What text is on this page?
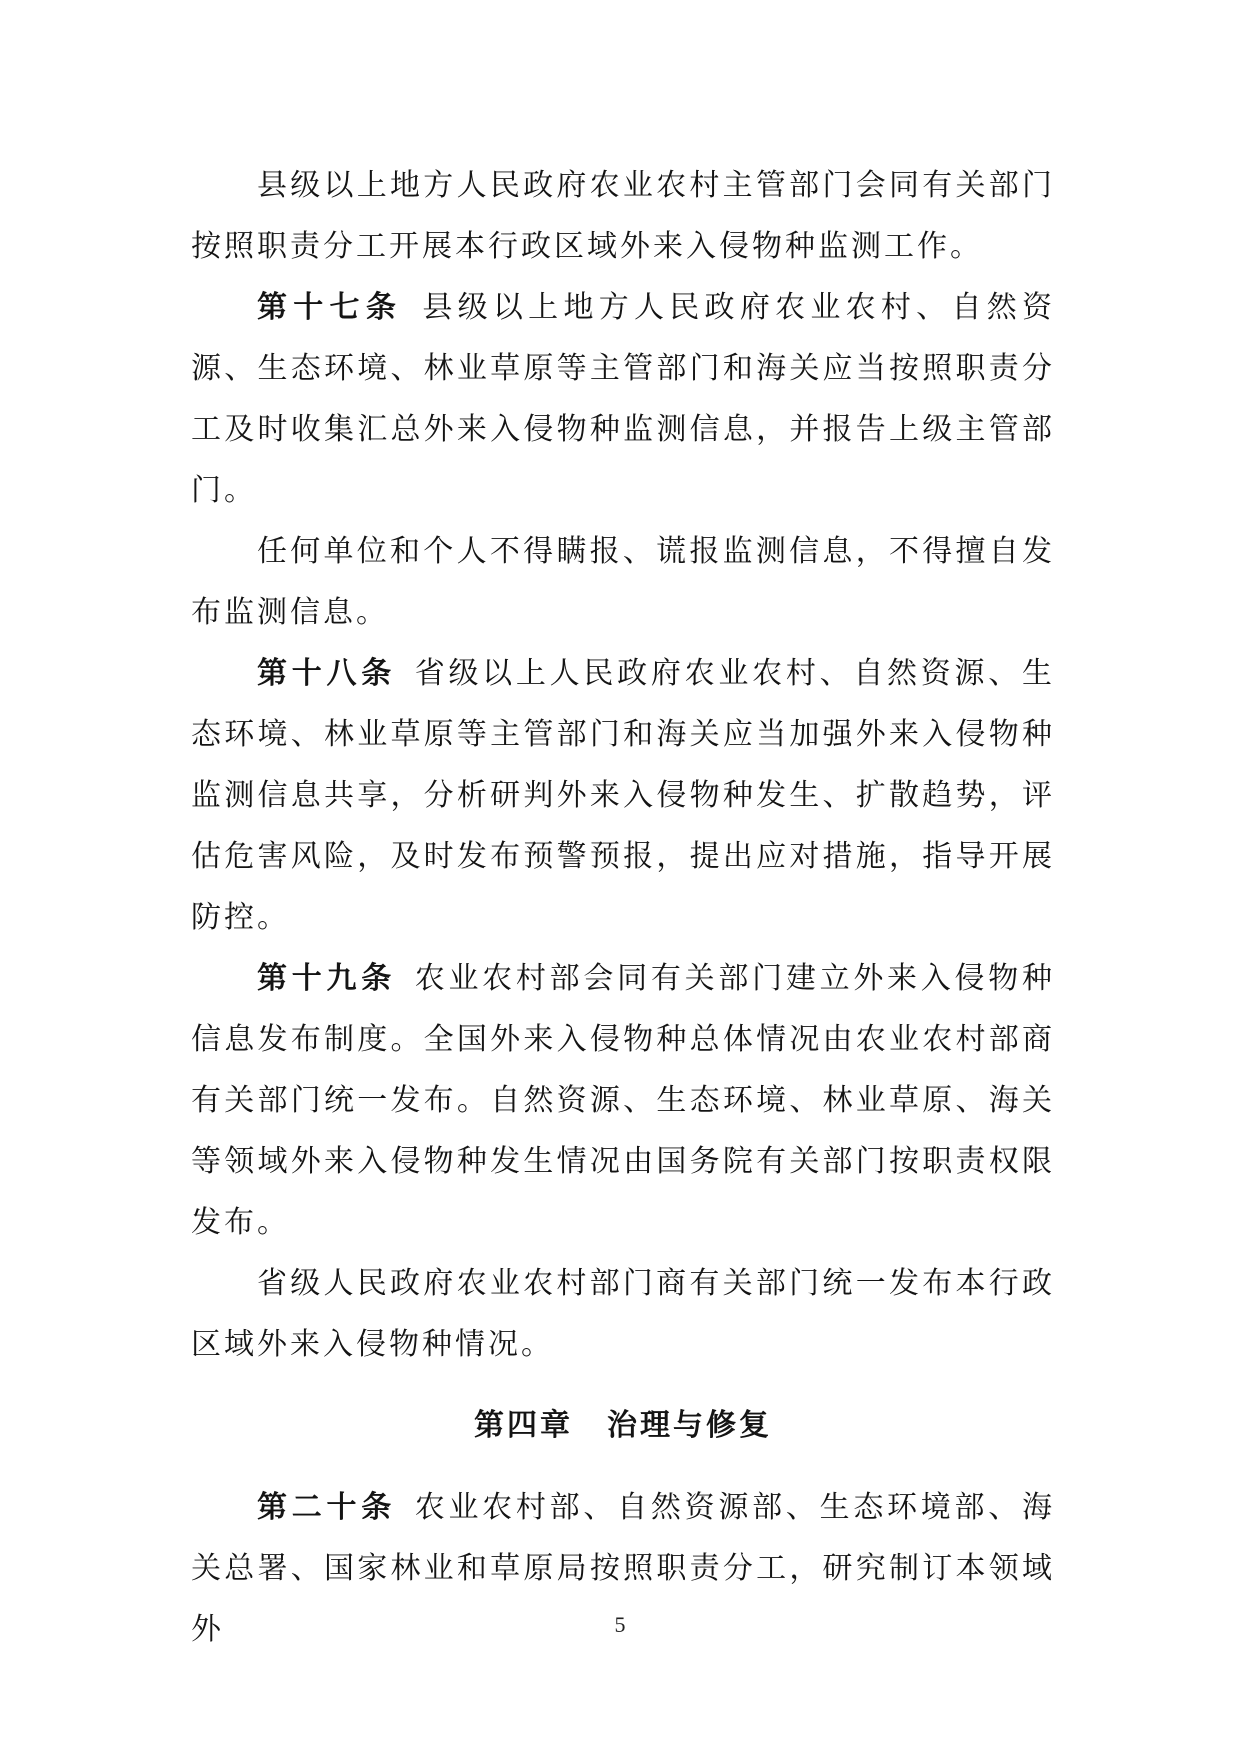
县级以上地方人民政府农业农村主管部门会同有关部门按照职责分工开展本行政区域外来入侵物种监测工作。

第十七条 县级以上地方人民政府农业农村、自然资源、生态环境、林业草原等主管部门和海关应当按照职责分工及时收集汇总外来入侵物种监测信息，并报告上级主管部门。

任何单位和个人不得瞒报、谎报监测信息，不得擅自发布监测信息。

第十八条 省级以上人民政府农业农村、自然资源、生态环境、林业草原等主管部门和海关应当加强外来入侵物种监测信息共享，分析研判外来入侵物种发生、扩散趋势，评估危害风险，及时发布预警预报，提出应对措施，指导开展防控。

第十九条 农业农村部会同有关部门建立外来入侵物种信息发布制度。全国外来入侵物种总体情况由农业农村部商有关部门统一发布。自然资源、生态环境、林业草原、海关等领域外来入侵物种发生情况由国务院有关部门按职责权限发布。

省级人民政府农业农村部门商有关部门统一发布本行政区域外来入侵物种情况。

第四章 治理与修复

第二十条 农业农村部、自然资源部、生态环境部、海关总署、国家林业和草原局按照职责分工，研究制订本领域外	5
